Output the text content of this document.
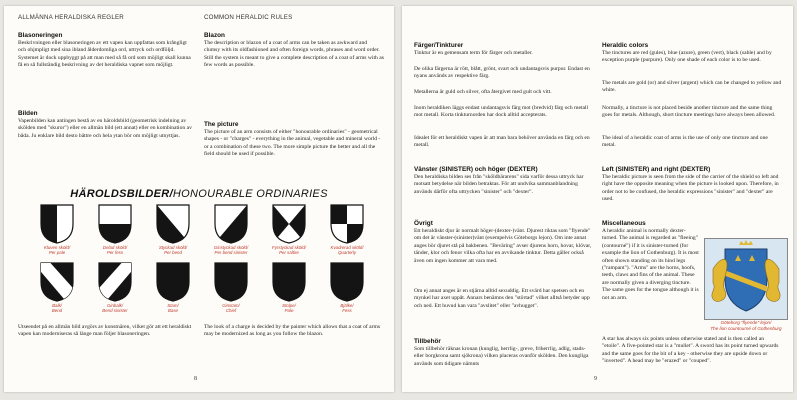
ALLMÄNNA HERALDISKA REGLER	COMMON HERALDIC RULES
Blasoneringen
Beskrivningen eller blasoneringen av ett vapen kan uppfattas som krångligt och ohjmpligt med sina ibland ålderdomliga ord, uttryck och ordföljd. Systemet är dock uppbyggt på att man med så få ord som möjligt skall kunna få en så fullständig beskrivning av det heraldiska vapnet som möjligt.
Blazon
The description or blazon of a coat of arms can be taken as awkward and clumsy with its oldfashioned and often foreign words, phrases and word order. Still the system is meant to give a complete description of a coat of arms with as few words as possible.
Bilden
Vapenbilden kan antingen bestå av en häroldsbild (geometrisk indelning av skölden med "skuror") eller en allmän bild (ett annat) eller en kombination av båda. Ju enklare bild desto bättre och hela ytan bör om möjligt utnyttjas.
The picture
The picture of an arm consists of either "honourable ordinaries" - geometrical shapes - or "charges" - everything in the animal, vegetable and mineral world - or a combination of these two. The more simple picture the better and all the field should be used if possible.
HÄROLDSBILDER/HONOURABLE ORDINARIES
Kluven sköld/
Per pale
Delad sköld/
Per fess
Styckad sköld/
Per bend
Ginstyckad sköld/
Per bend sinister
Fyrstyckad sköld/
Per saltire
Kvadrerad sköld/
Quarterly
Balk/
Bend
Ginbalk/
Bend sinister
Stam/
Base
Ginstam/
Chief
Stolpe/
Pale
Bjälke/
Fess
Utseendet på en allmän bild avgörs av konstnären, vilket gör att ett heraldiskt vapen kan moderniseras så länge man följer blasoneringen.
The look of a charge is decided by the painter which allows that a coat of arms may be modernized as long as you follow the blazon.
8
Färger/Tinkturer
Tinktur är en gemensam term för färger och metaller.
De olika färgerna är rött, blått, grönt, svart och undantagsvis purpur. Endast en nyans används av respektive färg.
Metallerna är guld och silver, ofta återgivet med gult och vitt.
Inom heraldiken läggs endast undantagsvis färg mot (bredvid) färg och metall mot metall. Korta tinkturnorden har dock alltid accepterats.
Idealet för ett heraldiskt vapen är att man bara behöver använda en färg och en metall.
Heraldic colors
The tinctures are red (gules), blue (azure), green (vert), black (sable) and by exception purple (purpure). Only one shade of each color is to be used.
The metals are gold (or) and silver (argent) which can be changed to yellow and white.
Normally, a tincture is not placed beside another tincture and the same thing goes for metals. Although, short tincture meetings have always been allowed.
The ideal of a heraldic coat of arms is the use of only one tincture and one metal.
Vänster (SINISTER) och höger (DEXTER)
Den heraldiska bilden ses från "sköldbärarens" sida varför dessa uttryck har motsatt betydelse när bilden betraktas. För att undvika sammanblandning används därför ofta uttrycken "sinister" och "dexter".
Left (SINISTER) and right (DEXTER)
The heraldic picture is seen from the side of the carrier of the shield so left and right have the opposite meaning when the picture is looked upon. Therefore, in order not to be confused, the heraldic expressions "sinister" and "dexter" are used.
Övrigt
Ett heraldiskt djur är normalt höger-(dexter-)vänt. Djurest riktas som "flyende" om det är vänster-(sinister)vänt (exempelvis Göteborgs lejon). Om inte annat anges bör djuret stå på bakbenen. "Beväring" avser djurens horn, hovar, klövar, tänder, klor och fenor vilka ofta har en avvikande tinktur. Detta gäller också även om ingen kommer att vara med.
Om ej annat anges är en stjärna alltid sexuddig. Ett svärd har spetsen och en mynkel har axet uppåt. Annars benämns den "störtad" vilket alltså betyder upp och ned. Ett huvud kan vara "avslitet" eller "avhugget".
Tillbehör
Som tillbehör räknas kronan (kunglig, herrlig-, greve, friherrlig, adlig, stads- eller borgkrona samt sjökrona) vilken placeras ovanför skölden. Den kungliga används som tidigare nämnts
Miscellaneous
A heraldic animal is normally dexter-turned. The animal is regarded as "fleeing" (contourné") if it is sinister-turned (for example the lion of Gothenburg). It is most often shown standing on its hind legs ("rampant"). "Arms" are the horns, hoofs, teeth, claws and fins of the animal. These are normally given a diverging tincture. The same goes for the tongue although it is not an arm.
A star has always six points unless otherwise stated and is then called an "etoile". A five-pointed star is a "mullet". A sword has its point turned upwards and the same goes for the bit of a key - otherwise they are upside down or "inverted". A head may be "erazed" or "couped".
Göteborg "flyende" lejon/
The lion countourné of Gothenburg
9
